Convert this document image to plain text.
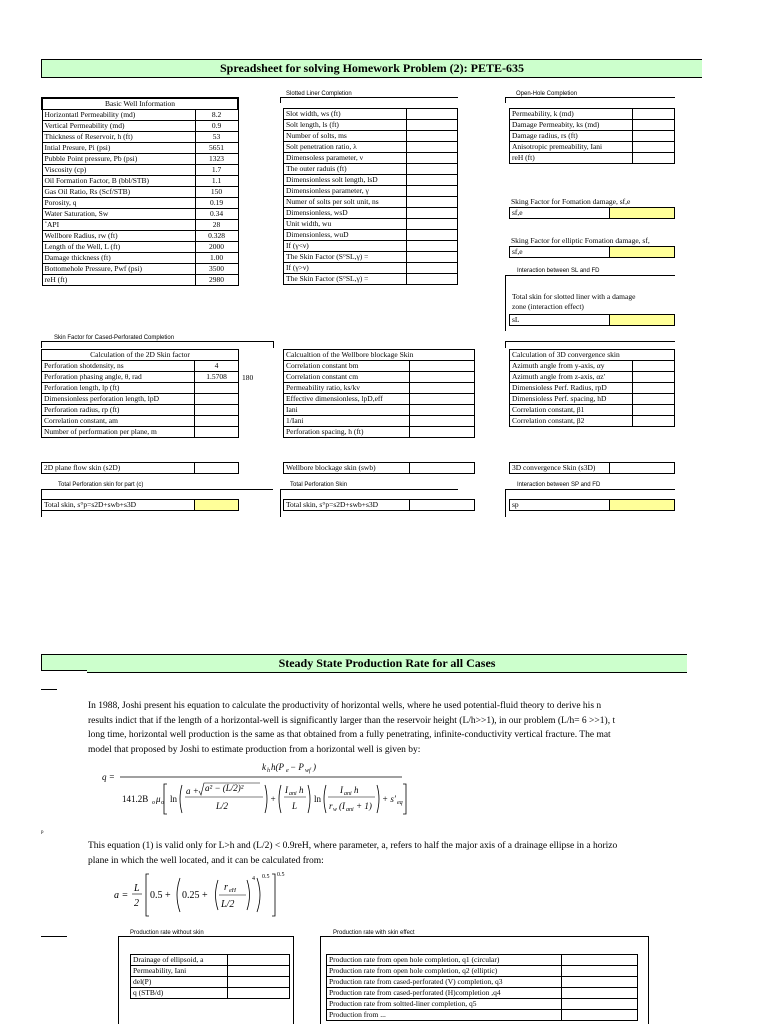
Spreadsheet for solving Homework Problem (2): PETE-635
Slotted Liner Completion	Open-Hole Completion
Basic Well Information	
Horizontatl Permeability (md)	8.2
Vertical Permeability (md)	0.9
Thickness of Reservoir, h (ft)	53
Intial Presure, Pi (psi)	5651
Pubble Point pressure, Pb (psi)	1323
Viscosity (cp)	1.7
Oil Formation Factor, B (bbl/STB)	1.1
Gas Oil Ratio, Rs (Scf/STB)	150
Porosity, q	0.19
Water Saturation, Sw	0.34
˚API	28
Wellbore Radius, rw (ft)	0.328
Length of the Well, L (ft)	2000
Damage thickness (ft)	1.00
Bottomehole Pressure, Pwf (psi)	3500
reH (ft)	2980
Slot width, ws (ft)	
Solt length, ls (ft)	
Number of solts, ms	
Solt penetration ratio, λ	
Dimensoless parameter, ν	
The outer raduis (ft)	
Dimensionless solt length, lsD	
Dimensionless parameter, γ	
Numer of solts per solt unit, ns	
Dimensionless, wsD	
Unit width, wu	
Dimensionless, wuD	
If (γ<ν)	
The Skin Factor (S°SL,γ) =	
If (γ>ν)	
The Skin Factor (S°SL,γ) =	
Permeability, k (md)	
Damage Permeabity, ks (md)	
Damage radius, rs (ft)	
Anisotropic premeability, Iani	
reH (ft)	
Sking Factor for Fomation damage, sf,e
sf,e	
Sking Factor for elliptic Fomation damage, sf,
sf,e	
Interaction between SL and FD
Total skin for slotted liner with a damage
zone (interaction effect)
sL	
Skin Factor for Cased-Perforated Completion
Calculation of the 2D Skin factor	
Perforation shotdensity, ns	4
Perforation phasing angle, θ, rad	1.5708
Perforation length, lp (ft)	
Dimensionless perforation length, lpD	
Perforation radius, rp (ft)	
Correlation constant, am	
Number of performation per plane, m	
180
Calcualtion of the Wellbore blockage Skin	
Correlation constant bm	
Correlation constant cm	
Permeability ratio, ks/kv	
Effective dimensionless, lpD,eff	
Iani	
1/Iani	
Perforation spacing, h (ft)	
Calculation of 3D convergence skin	
Azimuth angle from y-axis, αy	
Azimuth angle from z-axis, αz'	
Dimensioless Perf. Radius, rpD	
Dimensioless Perf. spacing, hD	
Correlation constant, β1	
Correlation constant, β2	
2D plane flow skin (s2D)		Wellbore blockage skin (swb)		3D convergence Skin (s3D)	
Total Perforation skin for part (c)	Total Perforation Skin	Interaction between SP and FD
Total skin, s°p=s2D+swb+s3D		Total skin, s°p=s2D+swb+s3D		sp	
Steady State Production Rate for all Cases
p
In 1988, Joshi present his equation to calculate the productivity of horizontal wells, where he used potential-fluid theory to derive his n
results indict that if the length of a horizontal-well is significantly larger than the reservoir height (L/h>>1), in our problem (L/h= 6 >>1), t
long time, horizontal well production is the same as that obtained from a fully penetrating, infinite-conductivity vertical fracture. The mat
model that proposed by Joshi to estimate production from a horizontal well is given by:
q =
k h h(P e − P wf )
141.2B o μ o ln
a + a² − (L/2)²
L/2
+
I ani h
L
ln
I ani h
r w (I ani + 1)
+ s′ eq
This equation (1) is valid only for L>h and (L/2) < 0.9reH, where parameter, a, refers to half the major axis of a drainage ellipse in a horizo
plane in which the well located, and it can be calculated from:
a =
L
2
0.5 + 0.25 +
r eH
L/2
4 0.5 0.5
Production rate without skin
Drainage of ellipsoid, a	
Permeability, Iani	
del(P)	
q (STB/d)	
Production rate with skin effect
Production rate from open hole completion, q1 (circular)	
Production rate from open hole completion, q2 (elliptic)	
Production rate from cased-perforated (V) completion, q3	
Production rate from cased-perforated (H)completion ,q4	
Production rate from soltted-liner completion, q5	
Production from ...	
